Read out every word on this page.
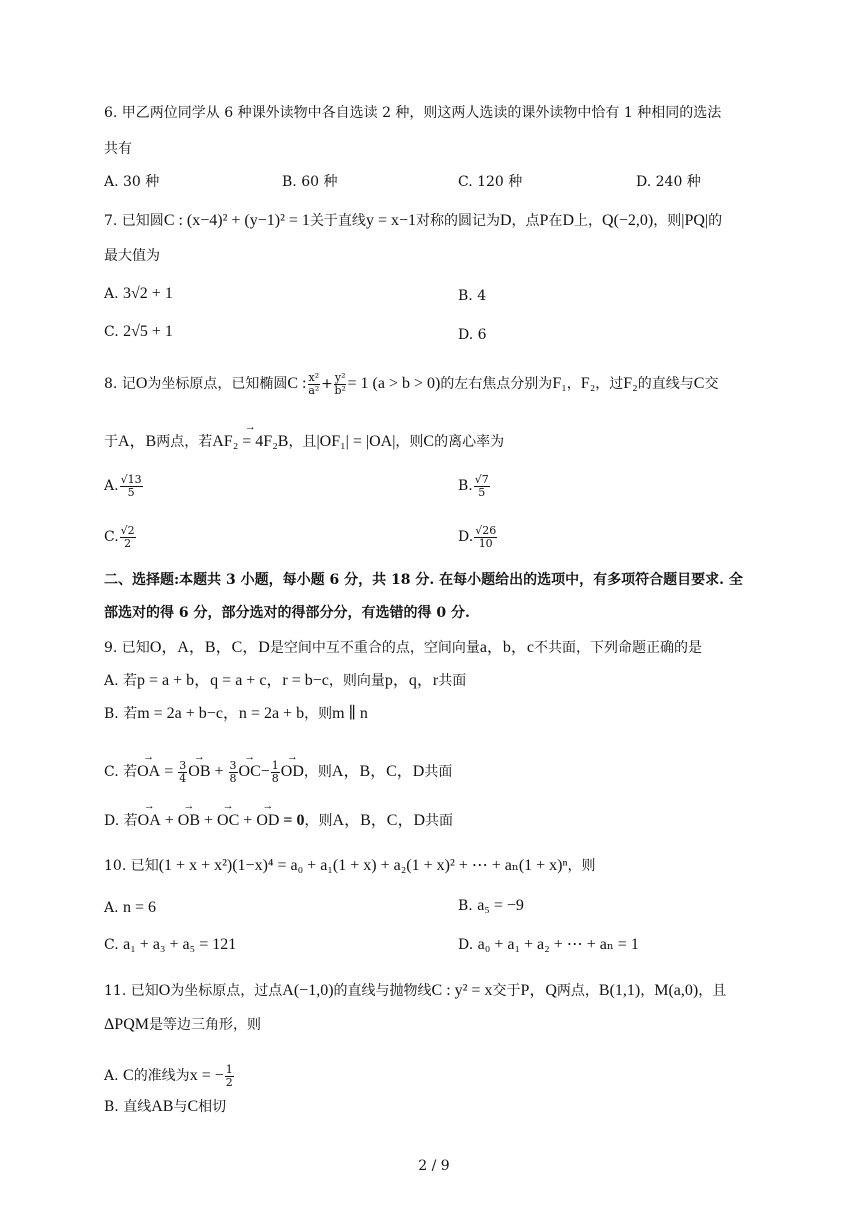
6. 甲乙两位同学从 6 种课外读物中各自选读 2 种，则这两人选读的课外读物中恰有 1 种相同的选法
共有
A. 30 种	B. 60 种	C. 120 种	D. 240 种
7. 已知圆C : (x−4)² + (y−1)² = 1关于直线y = x−1对称的圆记为D，点P在D上，Q(−2,0)，则|PQ|的
最大值为
A. 3√2 + 1	B. 4
C. 2√5 + 1	D. 6
8. 记O为坐标原点，已知椭圆C : $\frac{\text{x²}}{\text{a²}} + \frac{\text{y²}}{\text{b²}} = 1$ (a > b > 0)的左右焦点分别为F₁，F₂，过F₂的直线与C交
于A，B两点，若→ AF₂ = 4F₂B，且|OF₁| = |OA|，则C的离心率为
A. $\frac{√13}{5}$	B. $\frac{√7}{5}$
C. $\frac{√2}{2}$	D. $\frac{√26}{10}$
二、选择题:本题共 3 小题，每小题 6 分，共 18 分. 在每小题给出的选项中，有多项符合题目要求. 全
部选对的得 6 分，部分选对的得部分分，有选错的得 0 分.
9. 已知O，A，B，C，D是空间中互不重合的点，空间向量a，b，c不共面，下列命题正确的是
A. 若p = a + b，q = a + c，r = b−c，则向量p，q，r共面
B. 若m = 2a + b−c，n = 2a + b，则m ∥ n
C. 若→ OA = $\frac{3}{4}$
→ OB + $\frac{3}{8}$
→ $OC- \frac{1}{8}$
→ OD，则A，B，C，D共面
D. 若→ OA + → OB + → OC + → OD = 0，则A，B，C，D共面
10. 已知(1 + x + x²)(1−x)⁴ = a₀ + a₁(1 + x) + a₂(1 + x)² + ⋯ + aₙ(1 + x)ⁿ，则
A. n = 6	B. a₅ = −9
C. a₁ + a₃ + a₅ = 121	D. a₀ + a₁ + a₂ + ⋯ + aₙ = 1
11. 已知O为坐标原点，过点A(−1,0)的直线与抛物线C : y² = x交于P，Q两点，B(1,1)，M(a,0)，且
ΔPQM是等边三角形，则
A. C的准线为x = − $\frac{1}{2}$
B. 直线AB与C相切
2 / 9
